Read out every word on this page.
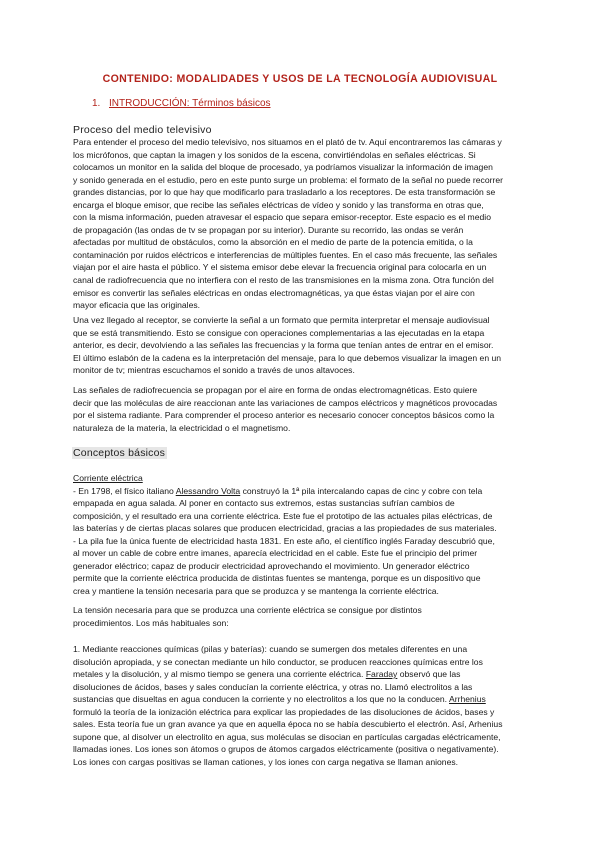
CONTENIDO: MODALIDADES Y USOS DE LA TECNOLOGÍA AUDIOVISUAL
1. INTRODUCCIÓN: Términos básicos
Proceso del medio televisivo
Para entender el proceso del medio televisivo, nos situamos en el plató de tv. Aquí encontraremos las cámaras y
los micrófonos, que captan la imagen y los sonidos de la escena, convirtiéndolas en señales eléctricas. Si
colocamos un monitor en la salida del bloque de procesado, ya podríamos visualizar la información de imagen
y sonido generada en el estudio, pero en este punto surge un problema: el formato de la señal no puede recorrer
grandes distancias, por lo que hay que modificarlo para trasladarlo a los receptores. De esta transformación se
encarga el bloque emisor, que recibe las señales eléctricas de vídeo y sonido y las transforma en otras que,
con la misma información, pueden atravesar el espacio que separa emisor-receptor. Este espacio es el medio
de propagación (las ondas de tv se propagan por su interior). Durante su recorrido, las ondas se verán
afectadas por multitud de obstáculos, como la absorción en el medio de parte de la potencia emitida, o la
contaminación por ruidos eléctricos e interferencias de múltiples fuentes. En el caso más frecuente, las señales
viajan por el aire hasta el público. Y el sistema emisor debe elevar la frecuencia original para colocarla en un
canal de radiofrecuencia que no interfiera con el resto de las transmisiones en la misma zona. Otra función del
emisor es convertir las señales eléctricas en ondas electromagnéticas, ya que éstas viajan por el aire con
mayor eficacia que las originales.
Una vez llegado al receptor, se convierte la señal a un formato que permita interpretar el mensaje audiovisual
que se está transmitiendo. Esto se consigue con operaciones complementarias a las ejecutadas en la etapa
anterior, es decir, devolviendo a las señales las frecuencias y la forma que tenían antes de entrar en el emisor.
El último eslabón de la cadena es la interpretación del mensaje, para lo que debemos visualizar la imagen en un
monitor de tv; mientras escuchamos el sonido a través de unos altavoces.
Las señales de radiofrecuencia se propagan por el aire en forma de ondas electromagnéticas. Esto quiere
decir que las moléculas de aire reaccionan ante las variaciones de campos eléctricos y magnéticos provocadas
por el sistema radiante. Para comprender el proceso anterior es necesario conocer conceptos básicos como la
naturaleza de la materia, la electricidad o el magnetismo.
Conceptos básicos
Corriente eléctrica
- En 1798, el físico italiano Alessandro Volta construyó la 1ª pila intercalando capas de cinc y cobre con tela
empapada en agua salada. Al poner en contacto sus extremos, estas sustancias sufrían cambios de
composición, y el resultado era una corriente eléctrica. Este fue el prototipo de las actuales pilas eléctricas, de
las baterías y de ciertas placas solares que producen electricidad, gracias a las propiedades de sus materiales.
- La pila fue la única fuente de electricidad hasta 1831. En este año, el científico inglés Faraday descubrió que,
al mover un cable de cobre entre imanes, aparecía electricidad en el cable. Este fue el principio del primer
generador eléctrico; capaz de producir electricidad aprovechando el movimiento. Un generador eléctrico
permite que la corriente eléctrica producida de distintas fuentes se mantenga, porque es un dispositivo que
crea y mantiene la tensión necesaria para que se produzca y se mantenga la corriente eléctrica.
La tensión necesaria para que se produzca una corriente eléctrica se consigue por distintos
procedimientos. Los más habituales son:
1. Mediante reacciones químicas (pilas y baterías): cuando se sumergen dos metales diferentes en una
disolución apropiada, y se conectan mediante un hilo conductor, se producen reacciones químicas entre los
metales y la disolución, y al mismo tiempo se genera una corriente eléctrica. Faraday observó que las
disoluciones de ácidos, bases y sales conducían la corriente eléctrica, y otras no. Llamó electrolitos a las
sustancias que disueltas en agua conducen la corriente y no electrolitos a los que no la conducen. Arrhenius
formuló la teoría de la ionización eléctrica para explicar las propiedades de las disoluciones de ácidos, bases y
sales. Esta teoría fue un gran avance ya que en aquella época no se había descubierto el electrón. Así, Arhenius
supone que, al disolver un electrolito en agua, sus moléculas se disocian en partículas cargadas eléctricamente,
llamadas iones. Los iones son átomos o grupos de átomos cargados eléctricamente (positiva o negativamente).
Los iones con cargas positivas se llaman cationes, y los iones con carga negativa se llaman aniones.
